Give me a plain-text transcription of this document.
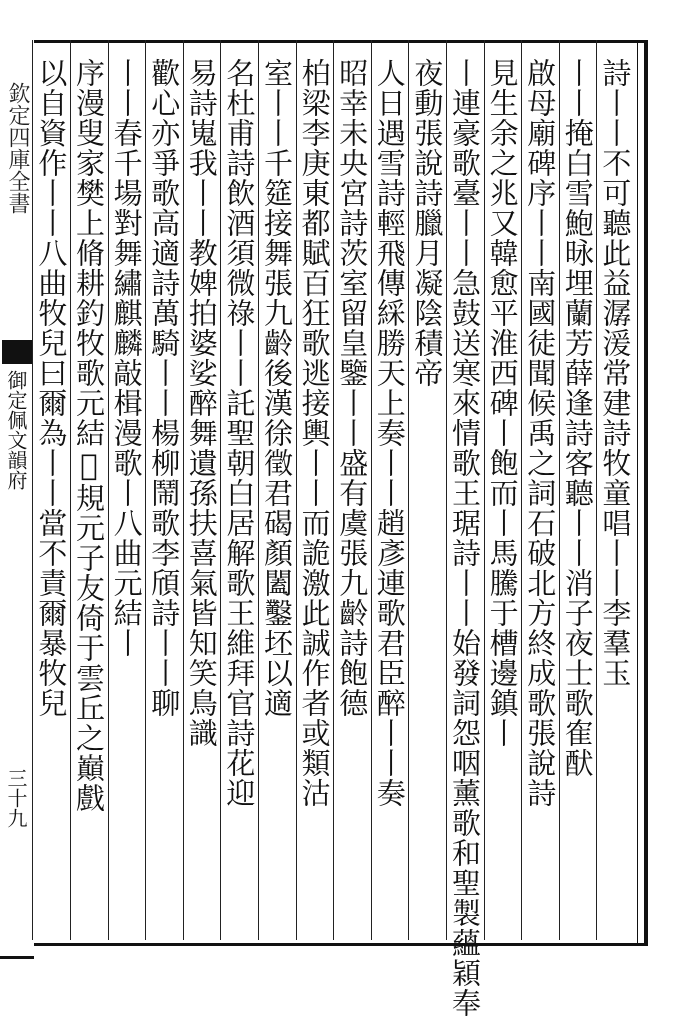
欽定四庫全書
御定佩文韻府
三十九
詩丨丨不可聽此益潺湲常建詩牧童唱丨丨李羣玉
丨丨掩白雪鮑昹埋蘭芳薛逢詩客聽丨丨消子夜士歌隺䣭
啟母廟碑序丨丨南國徒聞候禹之詞石破北方終成歌張說詩
見生余之兆又韓愈平淮西碑丨飽而丨馬騰于槽邊鎮丨
丨連豪歌臺丨丨急鼓送寒來情歌王琚詩丨丨始發詞怨咽薰歌和聖製蘊穎奉
夜動張說詩臘月凝陰積帝
人日遇雪詩輕飛傳綵勝天上奏丨丨趙彥連歌君臣醉丨丨奏
昭幸未央宮詩茨室留皇鑒丨丨盛有虞張九齡詩飽德
柏梁李庚東都賦百狂歌逃接輿丨丨而詭激此誠作者或類沽
室丨丨千筵接舞張九齡後漢徐徵君碣顏闔鑿坯以適
名杜甫詩飲酒須微祿丨丨託聖朝白居解歌王維拜官詩花迎
易詩嵬我丨丨教婢拍婆娑醉舞遺孫扶喜氣皆知笑鳥識
歡心亦爭歌高適詩萬騎丨丨楊柳鬧歌李頎詩丨丨聊
丨丨春千場對舞繡麒麟敲楫漫歌丨八曲元結丨
序漫叟家樊上脩耕釣牧歌元結𦾛規元子友倚于雲丘之巔戲
以自資作丨丨八曲牧兒曰爾為丨丨當不責爾暴牧兒
